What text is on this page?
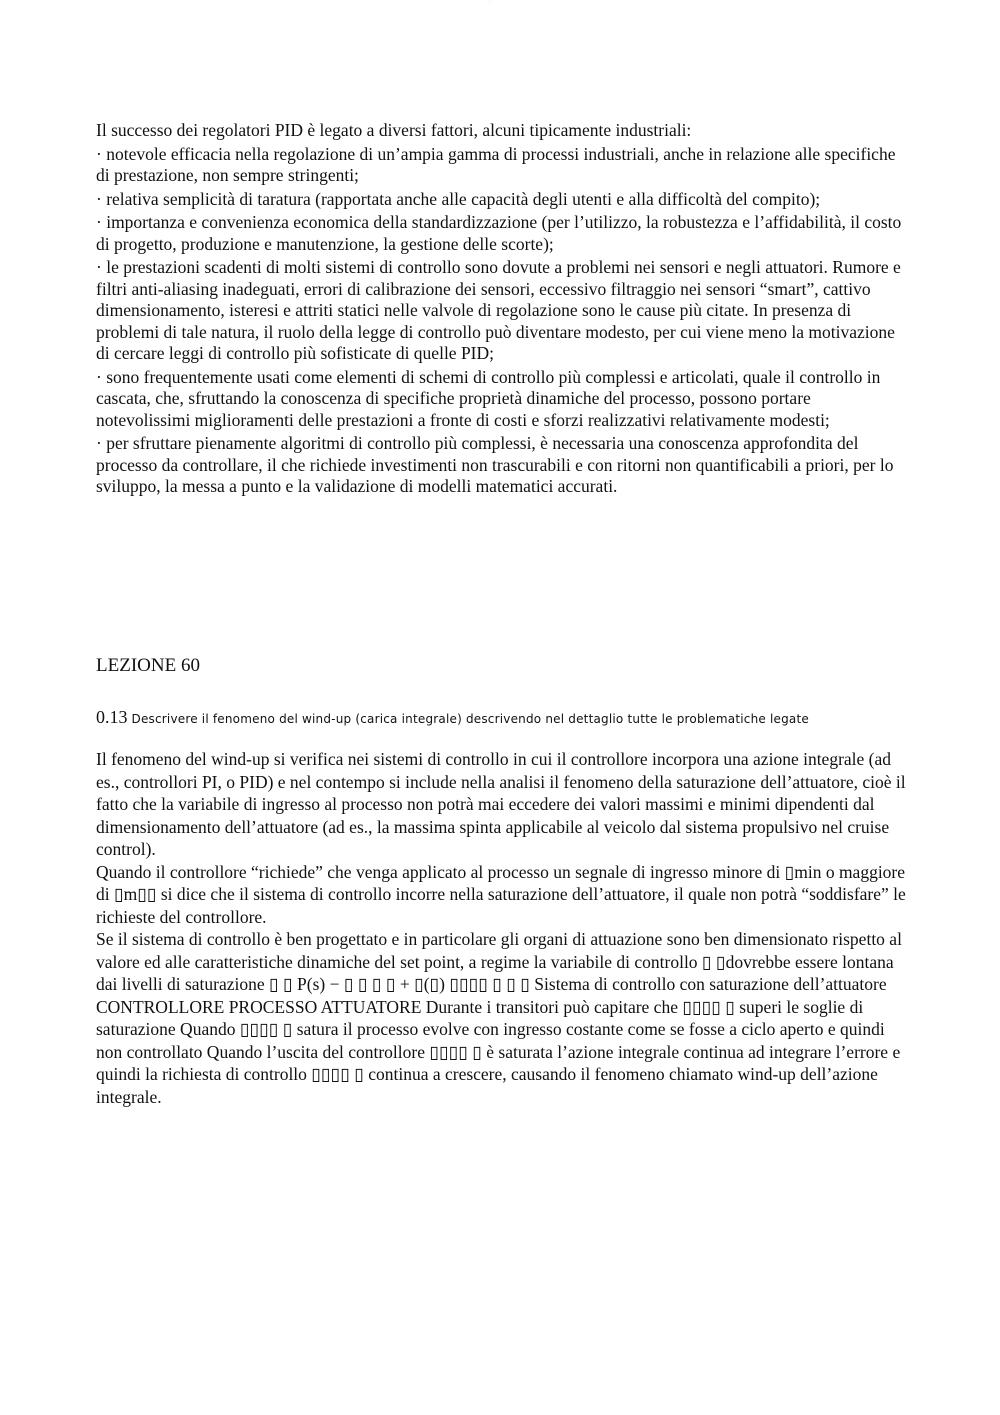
···

Il successo dei regolatori PID è legato a diversi fattori, alcuni tipicamente industriali:

· notevole efficacia nella regolazione di un’ampia gamma di processi industriali, anche in relazione alle specifiche di prestazione, non sempre stringenti;

· relativa semplicità di taratura (rapportata anche alle capacità degli utenti e alla difficoltà del compito);

· importanza e convenienza economica della standardizzazione (per l’utilizzo, la robustezza e l’affidabilità, il costo di progetto, produzione e manutenzione, la gestione delle scorte);

· le prestazioni scadenti di molti sistemi di controllo sono dovute a problemi nei sensori e negli attuatori. Rumore e filtri anti-aliasing inadeguati, errori di calibrazione dei sensori, eccessivo filtraggio nei sensori “smart”, cattivo dimensionamento, isteresi e attriti statici nelle valvole di regolazione sono le cause più citate. In presenza di problemi di tale natura, il ruolo della legge di controllo può diventare modesto, per cui viene meno la motivazione di cercare leggi di controllo più sofisticate di quelle PID;

· sono frequentemente usati come elementi di schemi di controllo più complessi e articolati, quale il controllo in cascata, che, sfruttando la conoscenza di specifiche proprietà dinamiche del processo, possono portare notevolissimi miglioramenti delle prestazioni a fronte di costi e sforzi realizzativi relativamente modesti;

· per sfruttare pienamente algoritmi di controllo più complessi, è necessaria una conoscenza approfondita del processo da controllare, il che richiede investimenti non trascurabili e con ritorni non quantificabili a priori, per lo sviluppo, la messa a punto e la validazione di modelli matematici accurati.

LEZIONE 60
0.13 Descrivere il fenomeno del wind-up (carica integrale) descrivendo nel dettaglio tutte le problematiche legate

Il fenomeno del wind-up si verifica nei sistemi di controllo in cui il controllore incorpora una azione integrale (ad es., controllori PI, o PID) e nel contempo si include nella analisi il fenomeno della saturazione dell’attuatore, cioè il fatto che la variabile di ingresso al processo non potrà mai eccedere dei valori massimi e minimi dipendenti dal dimensionamento dell’attuatore (ad es., la massima spinta applicabile al veicolo dal sistema propulsivo nel cruise control).

Quando il controllore “richiede” che venga applicato al processo un segnale di ingresso minore di ▯min o maggiore di ▯m▯▯ si dice che il sistema di controllo incorre nella saturazione dell’attuatore, il quale non potrà “soddisfare” le richieste del controllore.

Se il sistema di controllo è ben progettato e in particolare gli organi di attuazione sono ben dimensionato rispetto al valore ed alle caratteristiche dinamiche del set point, a regime la variabile di controllo ▯ ▯dovrebbe essere lontana dai livelli di saturazione ▯ ▯ P(s) − ▯ ▯ ▯ ▯ + ▯(▯) ▯▯▯▯ ▯ ▯ ▯ Sistema di controllo con saturazione dell’attuatore CONTROLLORE PROCESSO ATTUATORE Durante i transitori può capitare che ▯▯▯▯ ▯ superi le soglie di saturazione Quando ▯▯▯▯ ▯ satura il processo evolve con ingresso costante come se fosse a ciclo aperto e quindi non controllato Quando l’uscita del controllore ▯▯▯▯ ▯ è saturata l’azione integrale continua ad integrare l’errore e quindi la richiesta di controllo ▯▯▯▯ ▯ continua a crescere, causando il fenomeno chiamato wind-up dell’azione integrale.
